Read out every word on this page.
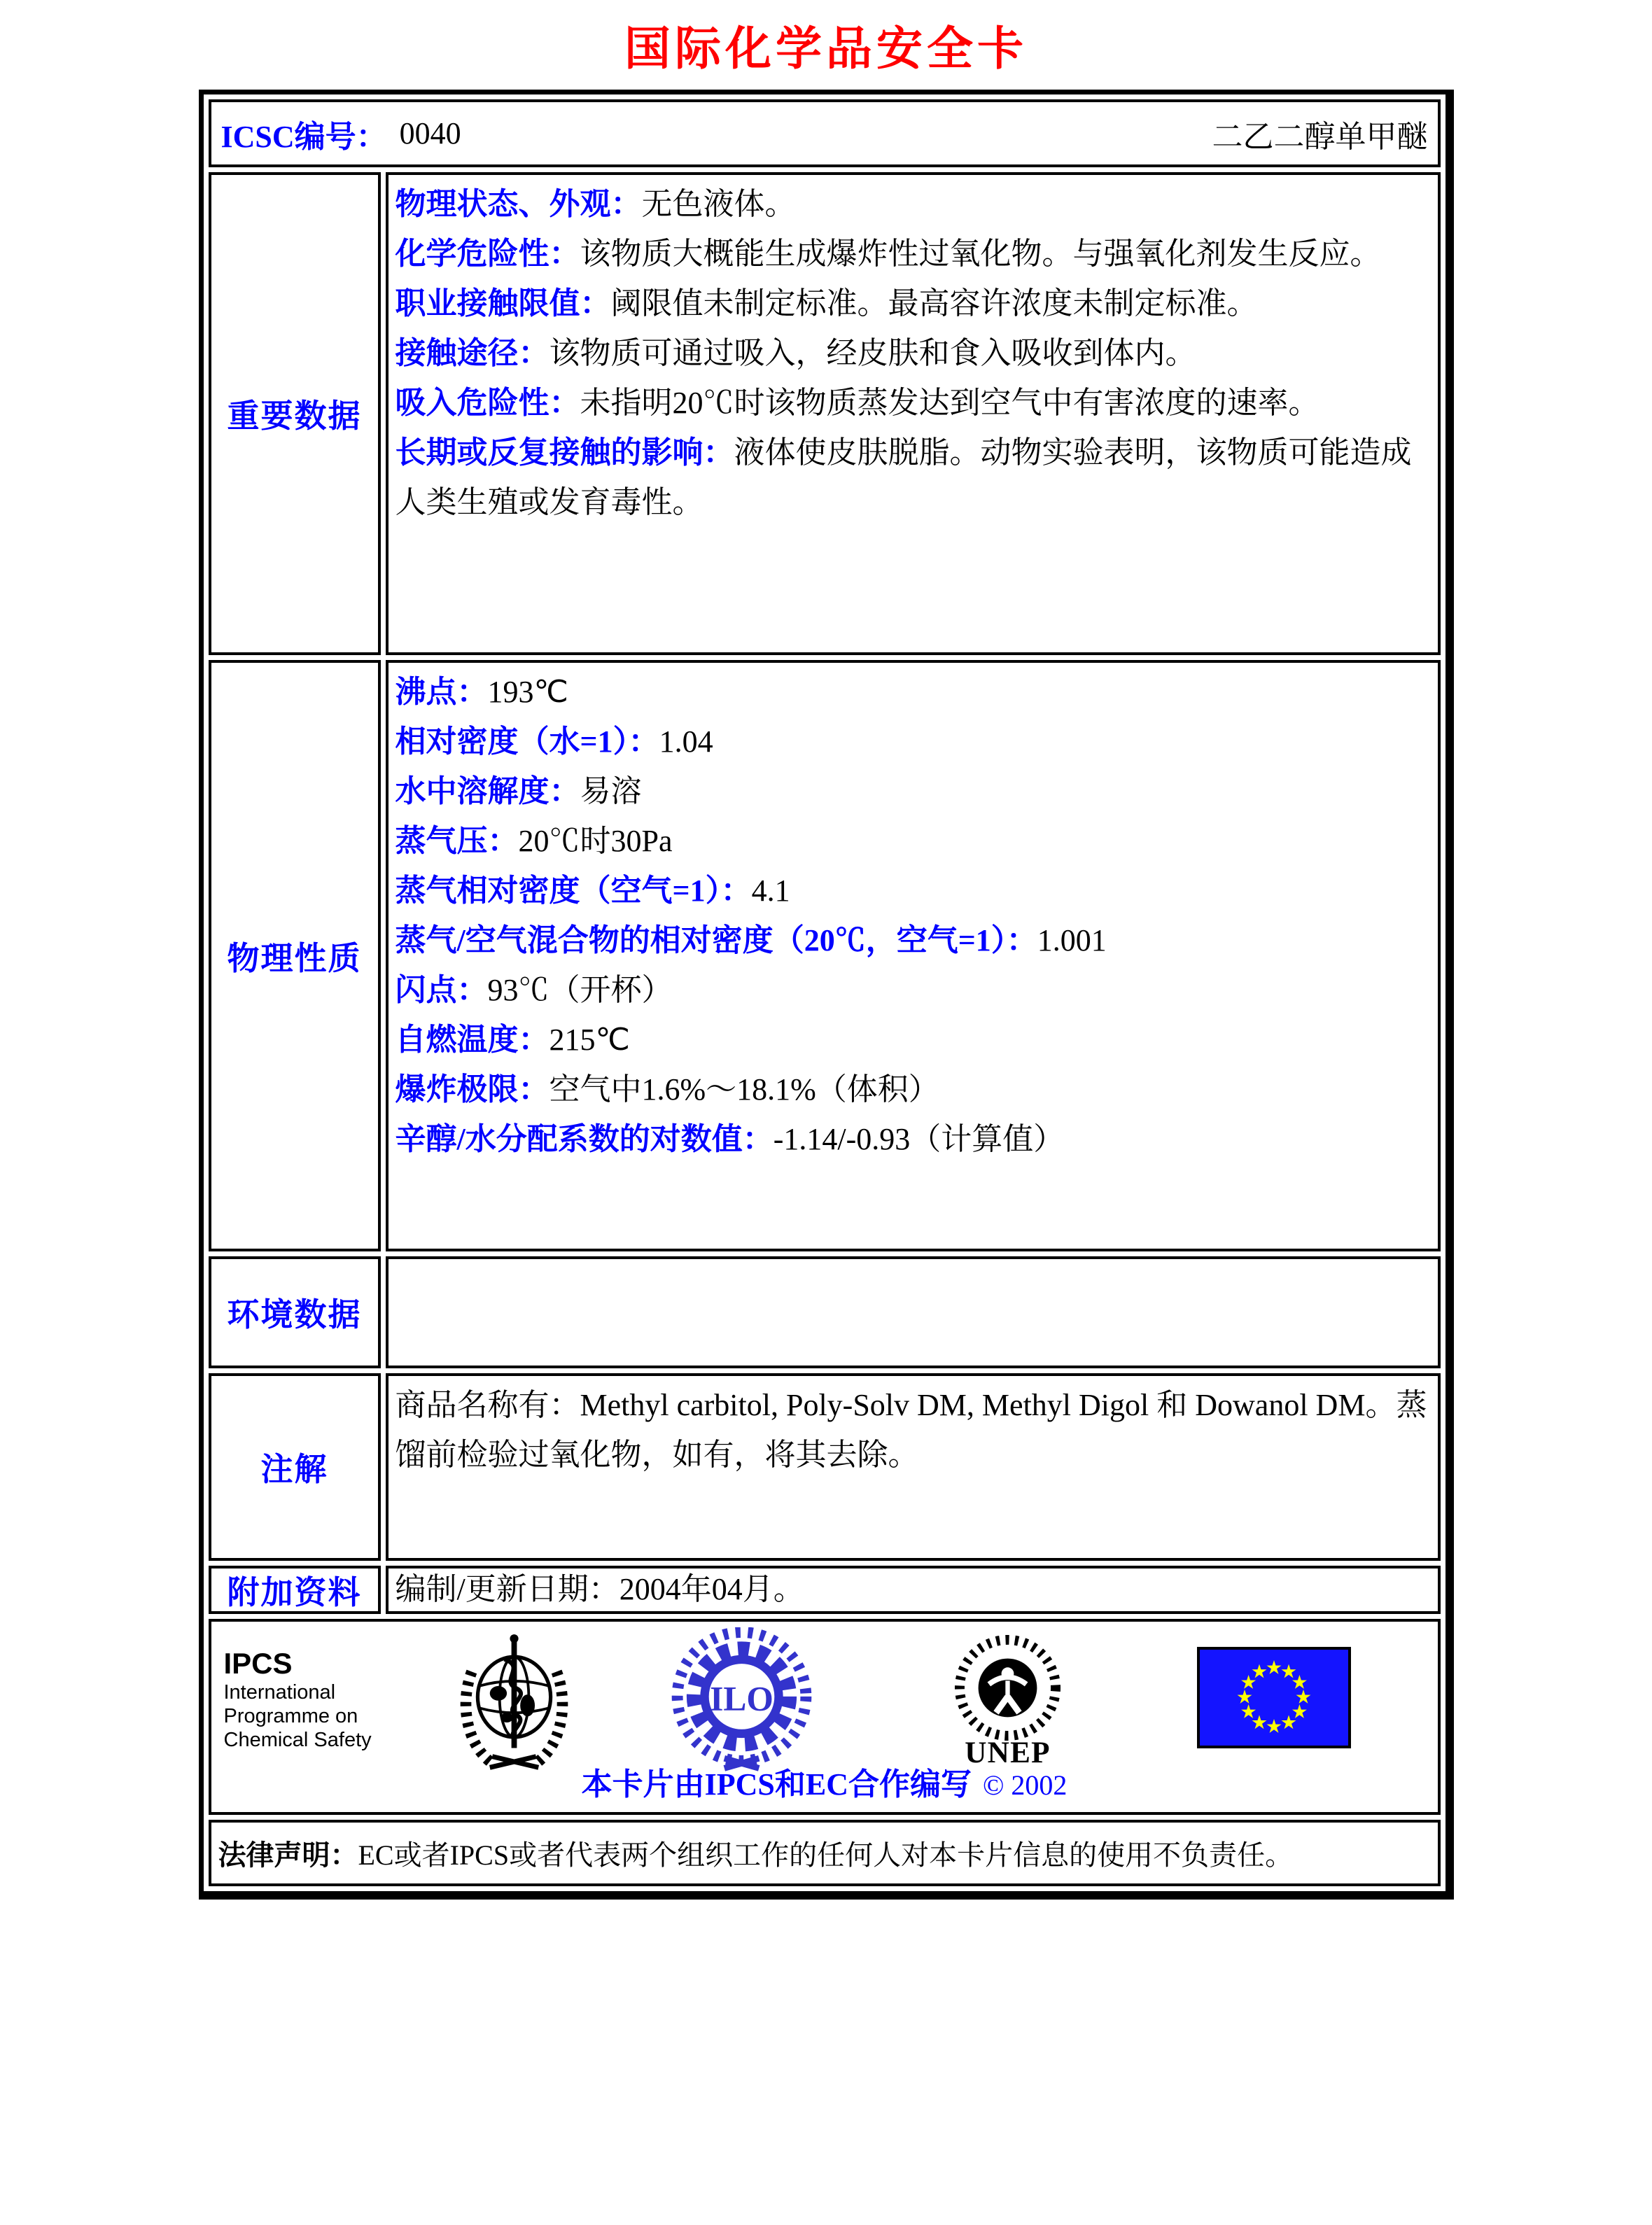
国际化学品安全卡
ICSC编号： 0040	二乙二醇单甲醚
重要数据
物理状态、外观：无色液体。
化学危险性：该物质大概能生成爆炸性过氧化物。与强氧化剂发生反应。
职业接触限值：阈限值未制定标准。最高容许浓度未制定标准。
接触途径：该物质可通过吸入，经皮肤和食入吸收到体内。
吸入危险性：未指明20℃时该物质蒸发达到空气中有害浓度的速率。
长期或反复接触的影响：液体使皮肤脱脂。动物实验表明，该物质可能造成人类生殖或发育毒性。
物理性质
沸点：193℃
相对密度（水=1）：1.04
水中溶解度：易溶
蒸气压：20℃时30Pa
蒸气相对密度（空气=1）：4.1
蒸气/空气混合物的相对密度（20℃，空气=1）：1.001
闪点：93℃（开杯）
自燃温度：215℃
爆炸极限：空气中1.6%～18.1%（体积）
辛醇/水分配系数的对数值：-1.14/-0.93（计算值）
环境数据
注解
商品名称有：Methyl carbitol, Poly-Solv DM, Methyl Digol 和 Dowanol DM。蒸馏前检验过氧化物，如有，将其去除。
附加资料	编制/更新日期：2004年04月。
IPCS
International
Programme on
Chemical Safety
ILO
UNEP
本卡片由IPCS和EC合作编写 © 2002
法律声明： EC或者IPCS或者代表两个组织工作的任何人对本卡片信息的使用不负责任。
